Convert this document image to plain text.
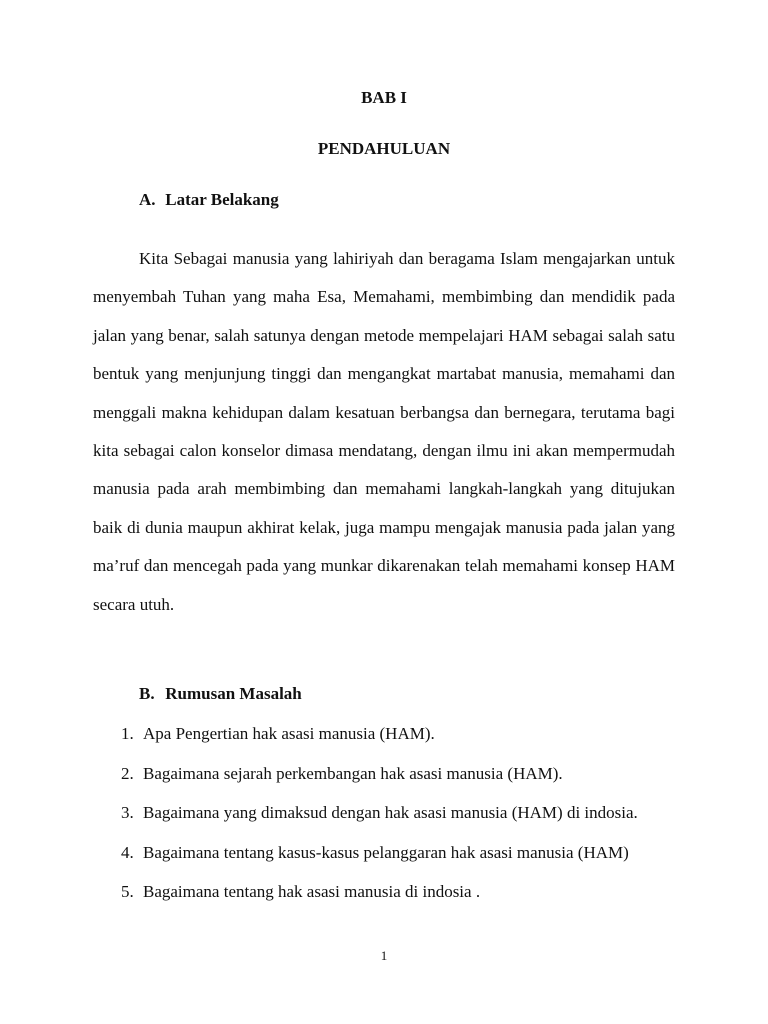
BAB I
PENDAHULUAN
A. Latar Belakang

Kita Sebagai manusia yang lahiriyah dan beragama Islam mengajarkan untuk menyembah Tuhan yang maha Esa, Memahami, membimbing dan mendidik pada jalan yang benar, salah satunya dengan metode mempelajari HAM sebagai salah satu bentuk yang menjunjung tinggi dan mengangkat martabat manusia, memahami dan menggali makna kehidupan dalam kesatuan berbangsa dan bernegara, terutama bagi kita sebagai calon konselor dimasa mendatang, dengan ilmu ini akan mempermudah manusia pada arah membimbing dan memahami langkah-langkah yang ditujukan baik di dunia maupun akhirat kelak, juga mampu mengajak manusia pada jalan yang ma’ruf dan mencegah pada yang munkar dikarenakan telah memahami konsep HAM secara utuh.

B. Rumusan Masalah
1. Apa Pengertian hak asasi manusia (HAM).
2. Bagaimana sejarah perkembangan hak asasi manusia (HAM).
3. Bagaimana yang dimaksud dengan hak asasi manusia (HAM) di indosia.
4. Bagaimana tentang kasus-kasus pelanggaran hak asasi manusia (HAM)
5. Bagaimana tentang hak asasi manusia di indosia .
1
